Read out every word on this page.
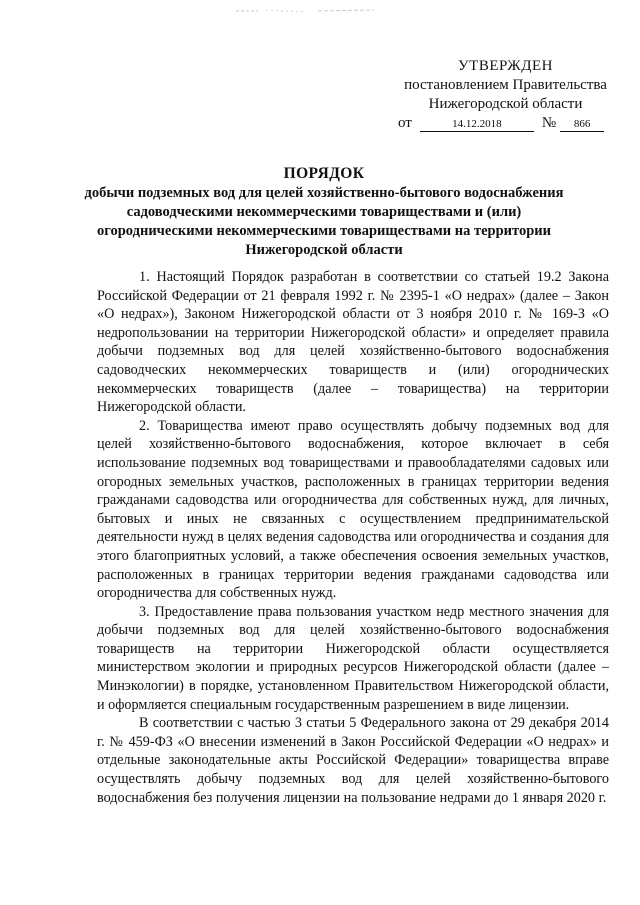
УТВЕРЖДЕН
постановлением Правительства
Нижегородской области
от	14.12.2018	№	866
ПОРЯДОК
добычи подземных вод для целей хозяйственно-бытового водоснабжения
садоводческими некоммерческими товариществами и (или)
огородническими некоммерческими товариществами на территории
Нижегородской области

1. Настоящий Порядок разработан в соответствии со статьей 19.2 Закона Российской Федерации от 21 февраля 1992 г. № 2395-1 «О недрах» (далее – Закон «О недрах»), Законом Нижегородской области от 3 ноября 2010 г. № 169-З «О недропользовании на территории Нижегородской области» и определяет правила добычи подземных вод для целей хозяйственно-бытового водоснабжения садоводческих некоммерческих товариществ и (или) огороднических некоммерческих товариществ (далее – товарищества) на территории Нижегородской области.

2. Товарищества имеют право осуществлять добычу подземных вод для целей хозяйственно-бытового водоснабжения, которое включает в себя использование подземных вод товариществами и правообладателями садовых или огородных земельных участков, расположенных в границах территории ведения гражданами садоводства или огородничества для собственных нужд, для личных, бытовых и иных не связанных с осуществлением предпринимательской деятельности нужд в целях ведения садоводства или огородничества и создания для этого благоприятных условий, а также обеспечения освоения земельных участков, расположенных в границах территории ведения гражданами садоводства или огородничества для собственных нужд.

3. Предоставление права пользования участком недр местного значения для добычи подземных вод для целей хозяйственно-бытового водоснабжения товариществ на территории Нижегородской области осуществляется министерством экологии и природных ресурсов Нижегородской области (далее – Минэкологии) в порядке, установленном Правительством Нижегородской области, и оформляется специальным государственным разрешением в виде лицензии.

В соответствии с частью 3 статьи 5 Федерального закона от 29 декабря 2014 г. № 459-ФЗ «О внесении изменений в Закон Российской Федерации «О недрах» и отдельные законодательные акты Российской Федерации» товарищества вправе осуществлять добычу подземных вод для целей хозяйственно-бытового водоснабжения без получения лицензии на пользование недрами до 1 января 2020 г.
